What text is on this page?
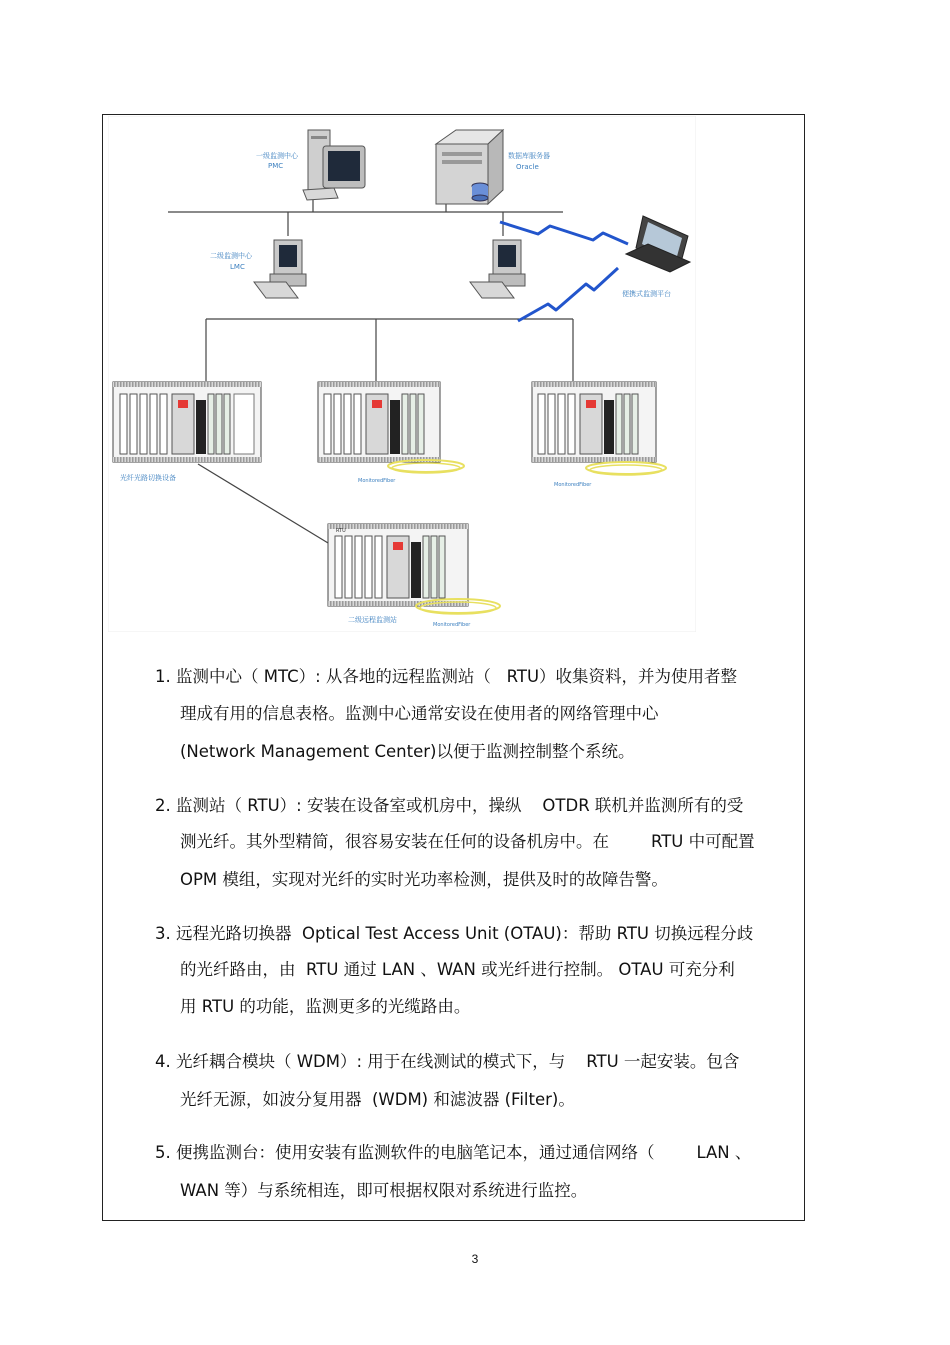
一级监测中心
PMC
数据库服务器
Oracle
二级监测中心
LMC
便携式监测平台
光纤光路切换设备	MonitoredFiber
MonitoredFiber
RTU
二级远程监测站
MonitoredFiber
1. 监测中心（ MTC）: 从各地的远程监测站（   RTU）收集资料，并为使用者整
理成有用的信息表格。监测中心通常安设在使用者的网络管理中心
(Network Management Center)以便于监测控制整个系统。
2. 监测站（ RTU）: 安装在设备室或机房中，操纵    OTDR 联机并监测所有的受
测光纤。其外型精简，很容易安装在任何的设备机房中。在        RTU 中可配置
OPM 模组，实现对光纤的实时光功率检测，提供及时的故障告警。
3. 远程光路切换器  Optical Test Access Unit (OTAU)：帮助 RTU 切换远程分歧
的光纤路由，由  RTU 通过 LAN 、WAN 或光纤进行控制。 OTAU 可充分利
用 RTU 的功能，监测更多的光缆路由。
4. 光纤耦合模块（ WDM）: 用于在线测试的模式下，与    RTU 一起安装。包含
光纤无源，如波分复用器  (WDM) 和滤波器 (Filter)。
5. 便携监测台：使用安装有监测软件的电脑笔记本，通过通信网络（        LAN 、
WAN 等）与系统相连，即可根据权限对系统进行监控。
3
